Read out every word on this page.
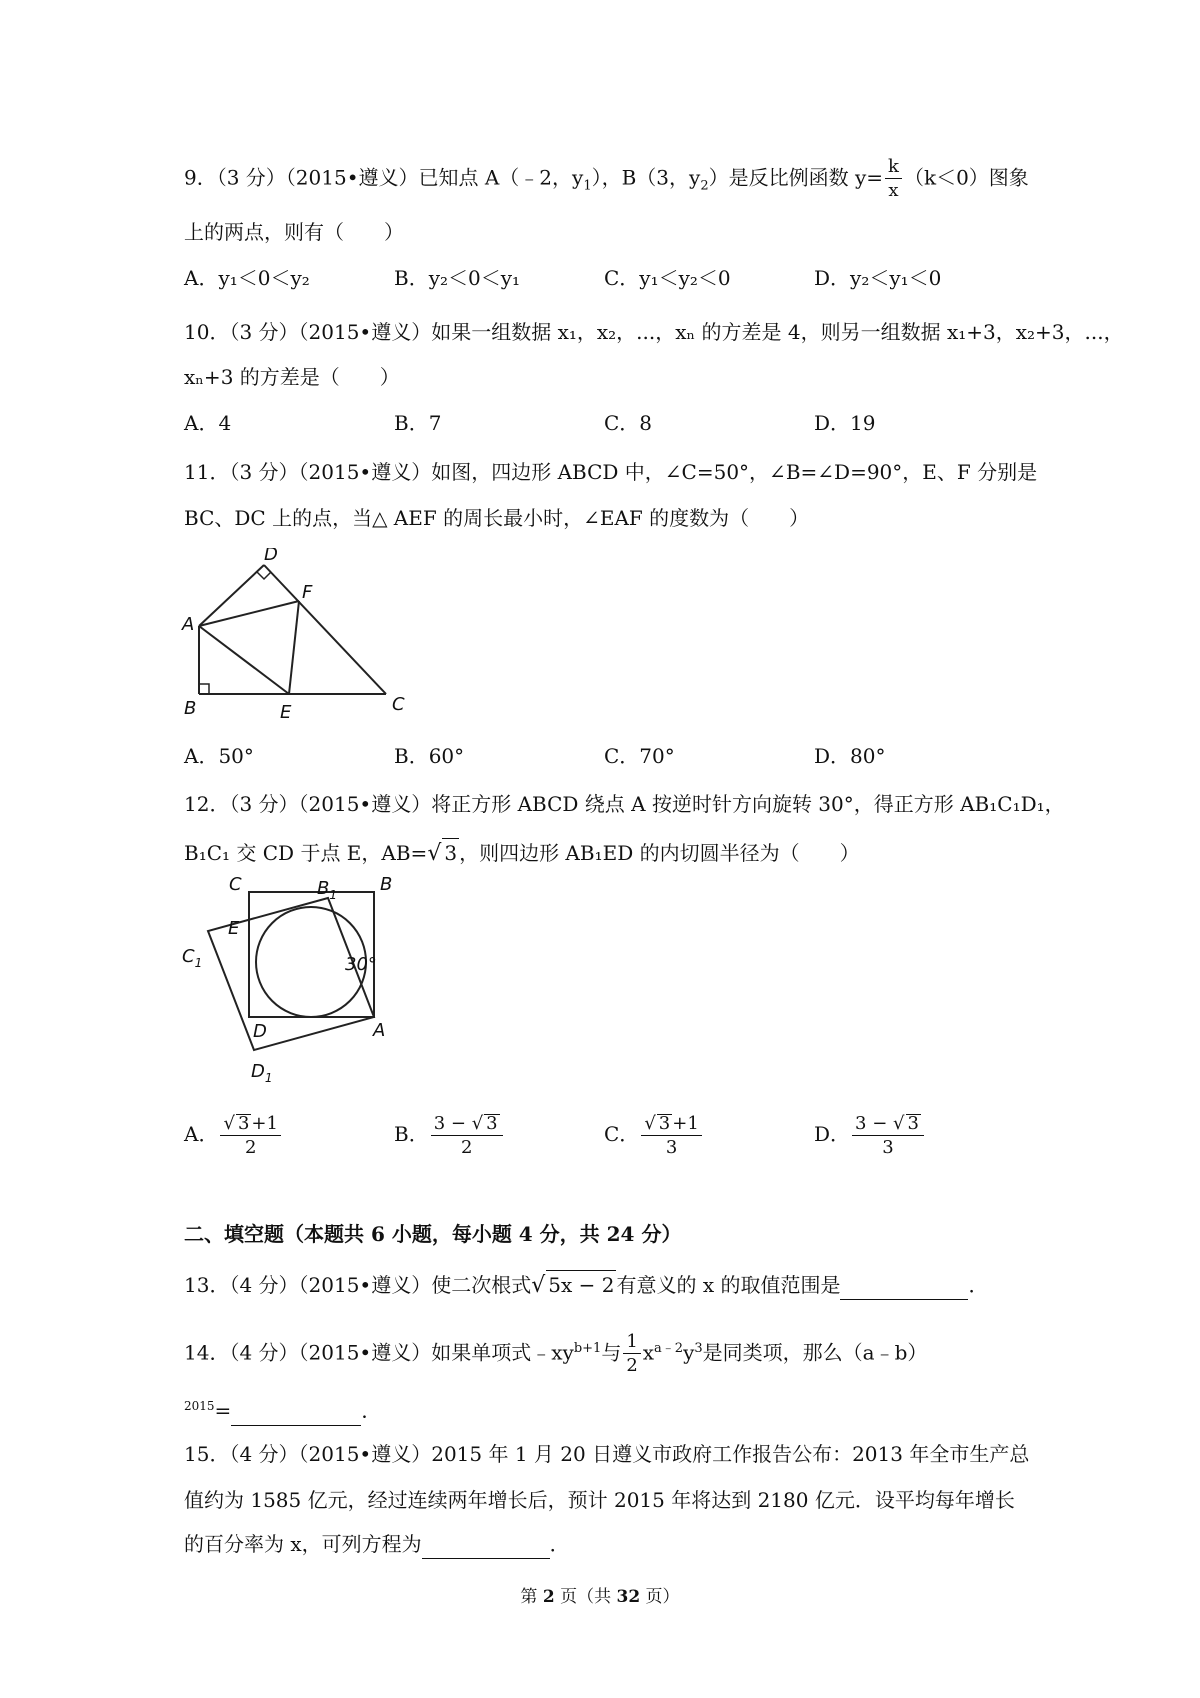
9．（3 分）（2015•遵义）已知点 A（﹣2，$y_1$），B（3，$y_2$）是反比例函数 $y= \frac{k}{x} (k<0)$图象
上的两点，则有（　　）
A．y₁＜0＜y₂	B．y₂＜0＜y₁	C．y₁＜y₂＜0	D．y₂＜y₁＜0
10．（3 分）（2015•遵义）如果一组数据 x₁，x₂，...，xₙ 的方差是 4，则另一组数据 x₁+3，x₂+3，...，
xₙ+3 的方差是（　　）
A．4	B．7	C．8	D．19
11．（3 分）（2015•遵义）如图，四边形 ABCD 中，∠C=50°，∠B=∠D=90°，E、F 分别是
BC、DC 上的点，当△ AEF 的周长最小时，∠EAF 的度数为（　　）
D
F
A
B	E	C
A．50°	B．60°	C．70°	D．80°
12．（3 分）（2015•遵义）将正方形 ABCD 绕点 A 按逆时针方向旋转 30°，得正方形 AB₁C₁D₁，
B₁C₁ 交 CD 于点 E，AB=√ 3 ，则四边形 AB₁ED 的内切圆半径为（　　）
C	B
$B_1$
E
$C_1$	30°
D	A
$D_1$
A． $\frac{√ 3 +1}{2}$	B． $\frac{3 - √ 3}{2}$	C． $\frac{√ 3 +1}{3}$	D． $\frac{3 - √ 3}{3}$
二、填空题（本题共 6 小题，每小题 4 分，共 24 分）
13．（4 分）（2015•遵义）使二次根式√ 5x − 2 有意义的 x 的取值范围是	．
14．（4 分）（2015•遵义）如果单项式$﹣xy^{b+1}$与 $\frac{1}{2} x^{a﹣2}y^3$是同类项，那么（a﹣b）
$^{2015}$=	．
15．（4 分）（2015•遵义）2015 年 1 月 20 日遵义市政府工作报告公布：2013 年全市生产总
值约为 1585 亿元，经过连续两年增长后，预计 2015 年将达到 2180 亿元．设平均每年增长
的百分率为 x，可列方程为	．
第 2 页（共 32 页）
